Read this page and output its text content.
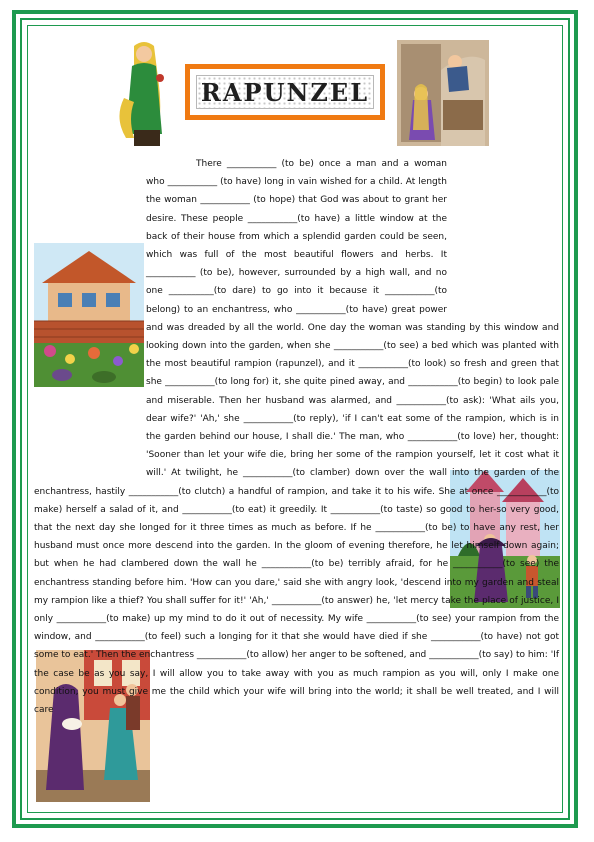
RAPUNZEL

There ___________ (to be) once a man and a woman who ___________ (to have) long in vain wished for a child. At length the woman ___________ (to hope) that God was about to grant her desire. These people ___________(to have) a little window at the back of their house from which a splendid garden could be seen, which was full of the most beautiful flowers and herbs. It ___________ (to be), however, surrounded by a high wall, and no one __________(to dare) to go into it because it ___________(to belong) to an enchantress, who ___________(to have) great power and was dreaded by all the world. One day the woman was standing by this window and looking down into the garden, when she ___________(to see) a bed which was planted with the most beautiful rampion (rapunzel), and it ___________(to look) so fresh and green that she ___________(to long for) it, she quite pined away, and ___________(to begin) to look pale and miserable. Then her husband was alarmed, and ___________(to ask): 'What ails you, dear wife?' 'Ah,' she ___________(to reply), 'if I can't eat some of the rampion, which is in the garden behind our house, I shall die.' The man, who ___________(to love) her, thought: 'Sooner than let your wife die, bring her some of the rampion yourself, let it cost what it will.' At twilight, he ___________(to clamber) down over the wall into the garden of the enchantress, hastily ___________(to clutch) a handful of rampion, and take it to his wife. She at once ___________(to make) herself a salad of it, and ___________(to eat) it greedily. It ___________(to taste) so good to her-so very good, that the next day she longed for it three times as much as before. If he ___________(to be) to have any rest, her husband must once more descend into the garden. In the gloom of evening therefore, he let himself down again; but when he had clambered down the wall he ___________(to be) terribly afraid, for he ___________(to see) the enchantress standing before him. 'How can you dare,' said she with angry look, 'descend into my garden and steal my rampion like a thief? You shall suffer for it!' 'Ah,' ___________(to answer) he, 'let mercy take the place of justice, I only ___________(to make) up my mind to do it out of necessity. My wife ___________(to see) your rampion from the window, and ___________(to feel) such a longing for it that she would have died if she ___________(to have) not got some to eat.' Then the enchantress ___________(to allow) her anger to be softened, and ___________(to say) to him: 'If the case be as you say, I will allow you to take away with you as much rampion as you will, only I make one condition, you must give me the child which your wife will bring into the world; it shall be well treated, and I will care
